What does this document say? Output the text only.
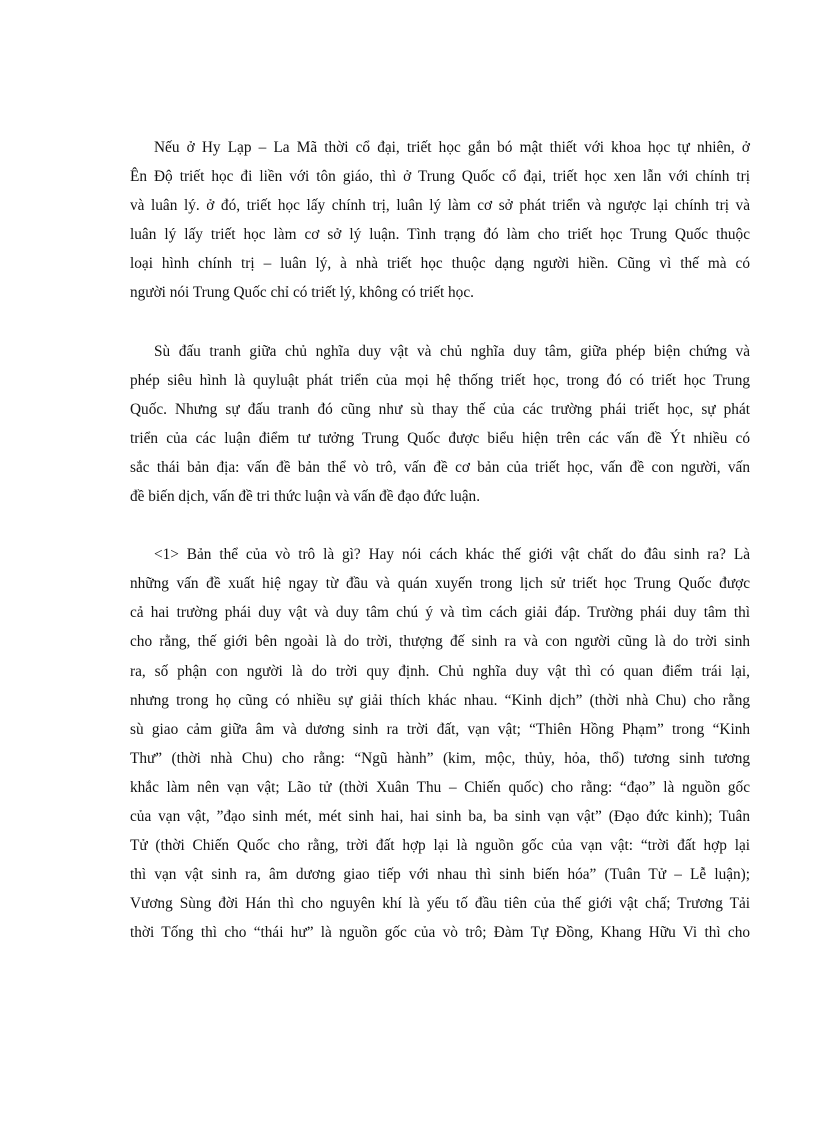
Nếu ở Hy Lạp – La Mã thời cổ đại, triết học gắn bó mật thiết với khoa học tự nhiên, ở
Ên Độ triết học đi liền với tôn giáo, thì ở Trung Quốc cổ đại, triết học xen lẫn với chính trị
và luân lý. ở đó, triết học lấy chính trị, luân lý làm cơ sở phát triển và ngược lại chính trị và
luân lý lấy triết học làm cơ sở lý luận. Tình trạng đó làm cho triết học Trung Quốc thuộc
loại hình chính trị – luân lý, à nhà triết học thuộc dạng người hiền. Cũng vì thế mà có
người nói Trung Quốc chỉ có triết lý, không có triết học.
Sù đấu tranh giữa chủ nghĩa duy vật và chủ nghĩa duy tâm, giữa phép biện chứng và
phép siêu hình là quyluật phát triển của mọi hệ thống triết học, trong đó có triết học Trung
Quốc. Nhưng sự đấu tranh đó cũng như sù thay thế của các trường phái triết học, sự phát
triển của các luận điểm tư tưởng Trung Quốc được biểu hiện trên các vấn đề Ýt nhiều có
sắc thái bản địa: vấn đề bản thể vò trô, vấn đề cơ bản của triết học, vấn đề con người, vấn
đề biến dịch, vấn đề tri thức luận và vấn đề đạo đức luận.
<1> Bản thể của vò trô là gì? Hay nói cách khác thế giới vật chất do đâu sinh ra? Là
những vấn đề xuất hiệ ngay từ đầu và quán xuyến trong lịch sử triết học Trung Quốc được
cả hai trường phái duy vật và duy tâm chú ý và tìm cách giải đáp. Trường phái duy tâm thì
cho rằng, thế giới bên ngoài là do trời, thượng đế sinh ra và con người cũng là do trời sinh
ra, số phận con người là do trời quy định. Chủ nghĩa duy vật thì có quan điểm trái lại,
nhưng trong họ cũng có nhiều sự giải thích khác nhau. “Kinh dịch” (thời nhà Chu) cho rằng
sù giao cảm giữa âm và dương sinh ra trời đất, vạn vật; “Thiên Hồng Phạm” trong “Kinh
Thư” (thời nhà Chu) cho rằng: “Ngũ hành” (kim, mộc, thủy, hỏa, thổ) tương sinh tương
khắc làm nên vạn vật; Lão tử (thời Xuân Thu – Chiến quốc) cho rằng: “đạo” là nguồn gốc
của vạn vật, ”đạo sinh mét, mét sinh hai, hai sinh ba, ba sinh vạn vật” (Đạo đức kinh); Tuân
Tử (thời Chiến Quốc cho rằng, trời đất hợp lại là nguồn gốc của vạn vật: “trời đất hợp lại
thì vạn vật sinh ra, âm dương giao tiếp với nhau thì sinh biến hóa” (Tuân Tử – Lễ luận);
Vương Sùng đời Hán thì cho nguyên khí là yếu tố đầu tiên của thế giới vật chấ; Trương Tải
thời Tống thì cho “thái hư” là nguồn gốc của vò trô; Đàm Tự Đồng, Khang Hữu Vi thì cho
